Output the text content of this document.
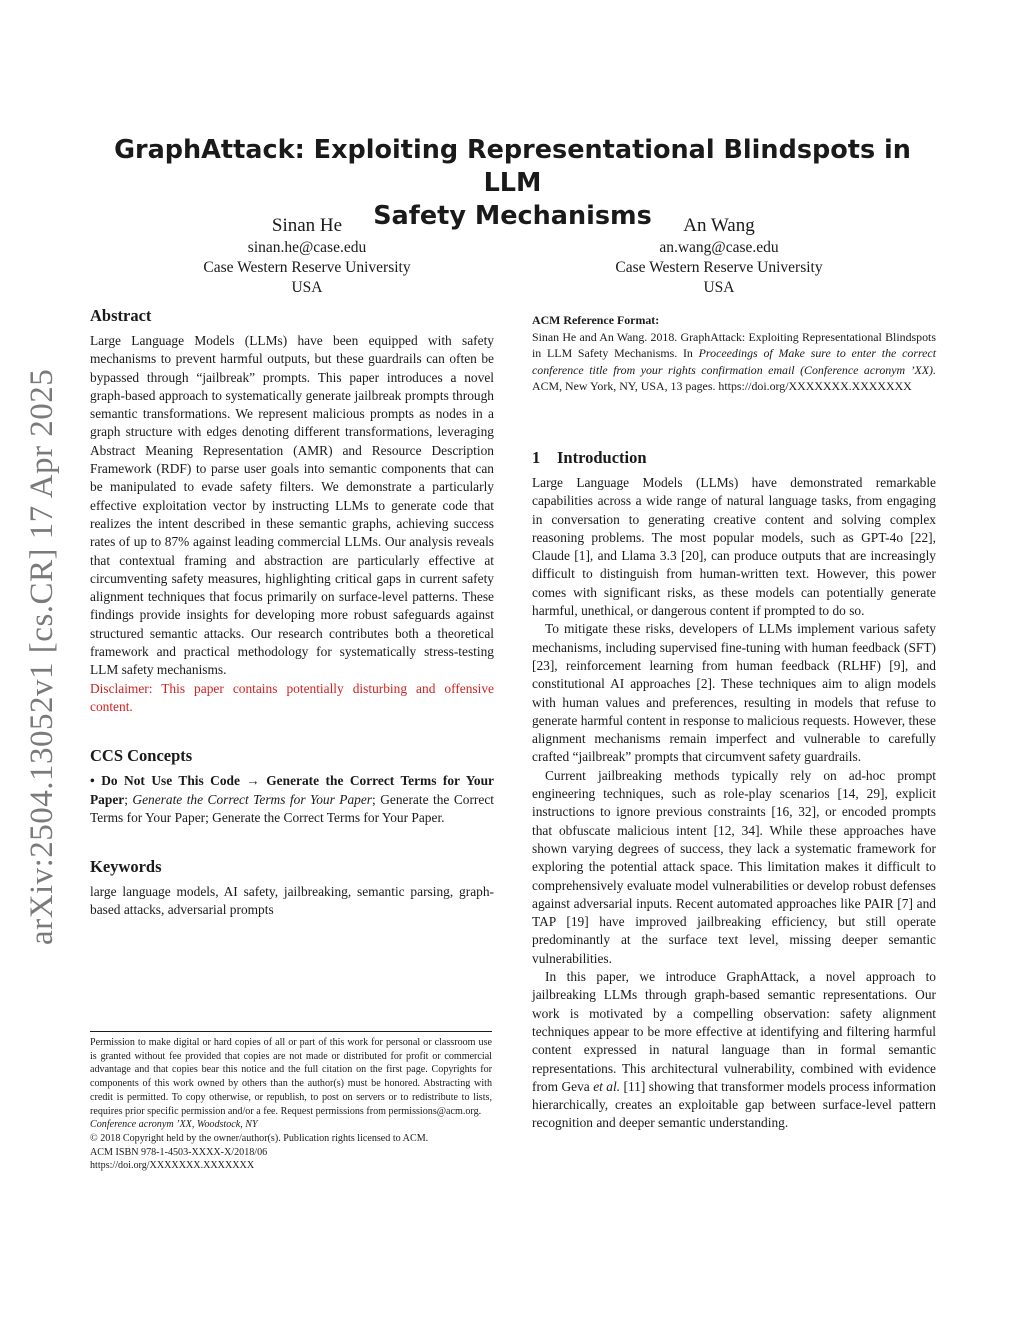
arXiv:2504.13052v1 [cs.CR] 17 Apr 2025
GraphAttack: Exploiting Representational Blindspots in LLM
Safety Mechanisms
Sinan He
sinan.he@case.edu
Case Western Reserve University
USA
An Wang
an.wang@case.edu
Case Western Reserve University
USA
Abstract

Large Language Models (LLMs) have been equipped with safety mechanisms to prevent harmful outputs, but these guardrails can often be bypassed through “jailbreak” prompts. This paper introduces a novel graph-based approach to systematically generate jailbreak prompts through semantic transformations. We represent malicious prompts as nodes in a graph structure with edges denoting different transformations, leveraging Abstract Meaning Representation (AMR) and Resource Description Framework (RDF) to parse user goals into semantic components that can be manipulated to evade safety filters. We demonstrate a particularly effective exploitation vector by instructing LLMs to generate code that realizes the intent described in these semantic graphs, achieving success rates of up to 87% against leading commercial LLMs. Our analysis reveals that contextual framing and abstraction are particularly effective at circumventing safety measures, highlighting critical gaps in current safety alignment techniques that focus primarily on surface-level patterns. These findings provide insights for developing more robust safeguards against structured semantic attacks. Our research contributes both a theoretical framework and practical methodology for systematically stress-testing LLM safety mechanisms.

Disclaimer: This paper contains potentially disturbing and offensive content.

CCS Concepts

• Do Not Use This Code → Generate the Correct Terms for Your Paper; Generate the Correct Terms for Your Paper; Generate the Correct Terms for Your Paper; Generate the Correct Terms for Your Paper.

Keywords

large language models, AI safety, jailbreaking, semantic parsing, graph-based attacks, adversarial prompts

Permission to make digital or hard copies of all or part of this work for personal or classroom use is granted without fee provided that copies are not made or distributed for profit or commercial advantage and that copies bear this notice and the full citation on the first page. Copyrights for components of this work owned by others than the author(s) must be honored. Abstracting with credit is permitted. To copy otherwise, or republish, to post on servers or to redistribute to lists, requires prior specific permission and/or a fee. Request permissions from permissions@acm.org.

Conference acronym ’XX, Woodstock, NY

© 2018 Copyright held by the owner/author(s). Publication rights licensed to ACM.

ACM ISBN 978-1-4503-XXXX-X/2018/06

https://doi.org/XXXXXXX.XXXXXXX

ACM Reference Format:

Sinan He and An Wang. 2018. GraphAttack: Exploiting Representational Blindspots in LLM Safety Mechanisms. In Proceedings of Make sure to enter the correct conference title from your rights confirmation email (Conference acronym ’XX). ACM, New York, NY, USA, 13 pages. https://doi.org/XXXXXXX.XXXXXXX

1 Introduction

Large Language Models (LLMs) have demonstrated remarkable capabilities across a wide range of natural language tasks, from engaging in conversation to generating creative content and solving complex reasoning problems. The most popular models, such as GPT-4o [22], Claude [1], and Llama 3.3 [20], can produce outputs that are increasingly difficult to distinguish from human-written text. However, this power comes with significant risks, as these models can potentially generate harmful, unethical, or dangerous content if prompted to do so.

To mitigate these risks, developers of LLMs implement various safety mechanisms, including supervised fine-tuning with human feedback (SFT) [23], reinforcement learning from human feedback (RLHF) [9], and constitutional AI approaches [2]. These techniques aim to align models with human values and preferences, resulting in models that refuse to generate harmful content in response to malicious requests. However, these alignment mechanisms remain imperfect and vulnerable to carefully crafted “jailbreak” prompts that circumvent safety guardrails.

Current jailbreaking methods typically rely on ad-hoc prompt engineering techniques, such as role-play scenarios [14, 29], explicit instructions to ignore previous constraints [16, 32], or encoded prompts that obfuscate malicious intent [12, 34]. While these approaches have shown varying degrees of success, they lack a systematic framework for exploring the potential attack space. This limitation makes it difficult to comprehensively evaluate model vulnerabilities or develop robust defenses against adversarial inputs. Recent automated approaches like PAIR [7] and TAP [19] have improved jailbreaking efficiency, but still operate predominantly at the surface text level, missing deeper semantic vulnerabilities.

In this paper, we introduce GraphAttack, a novel approach to jailbreaking LLMs through graph-based semantic representations. Our work is motivated by a compelling observation: safety alignment techniques appear to be more effective at identifying and filtering harmful content expressed in natural language than in formal semantic representations. This architectural vulnerability, combined with evidence from Geva et al. [11] showing that transformer models process information hierarchically, creates an exploitable gap between surface-level pattern recognition and deeper semantic understanding.
